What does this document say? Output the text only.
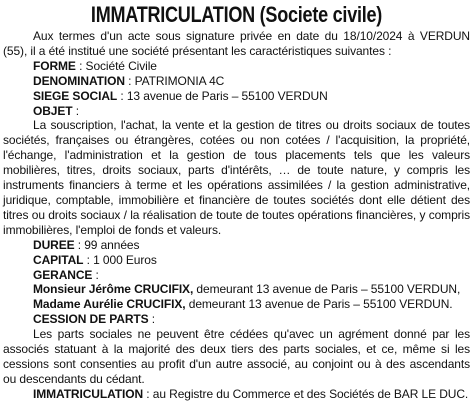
IMMATRICULATION (Societe civile)

Aux termes d'un acte sous signature privée en date du 18/10/2024 à VERDUN (55), il a été institué une société présentant les caractéristiques suivantes :

FORME : Société Civile

DENOMINATION : PATRIMONIA 4C

SIEGE SOCIAL : 13 avenue de Paris – 55100 VERDUN

OBJET :

La souscription, l'achat, la vente et la gestion de titres ou droits sociaux de toutes sociétés, françaises ou étrangères, cotées ou non cotées / l'acquisition, la propriété, l'échange, l'administration et la gestion de tous placements tels que les valeurs mobilières, titres, droits sociaux, parts d'intérêts, … de toute nature, y compris les instruments financiers à terme et les opérations assimilées / la gestion administrative, juridique, comptable, immobilière et financière de toutes sociétés dont elle détient des titres ou droits sociaux / la réalisation de toute de toutes opérations financières, y compris immobilières, l'emploi de fonds et valeurs.

DUREE : 99 années

CAPITAL : 1 000 Euros

GERANCE :

Monsieur Jérôme CRUCIFIX, demeurant 13 avenue de Paris – 55100 VERDUN,

Madame Aurélie CRUCIFIX, demeurant 13 avenue de Paris – 55100 VERDUN.

CESSION DE PARTS :

Les parts sociales ne peuvent être cédées qu'avec un agrément donné par les associés statuant à la majorité des deux tiers des parts sociales, et ce, même si les cessions sont consenties au profit d'un autre associé, au conjoint ou à des ascendants ou descendants du cédant.

IMMATRICULATION : au Registre du Commerce et des Sociétés de BAR LE DUC.
